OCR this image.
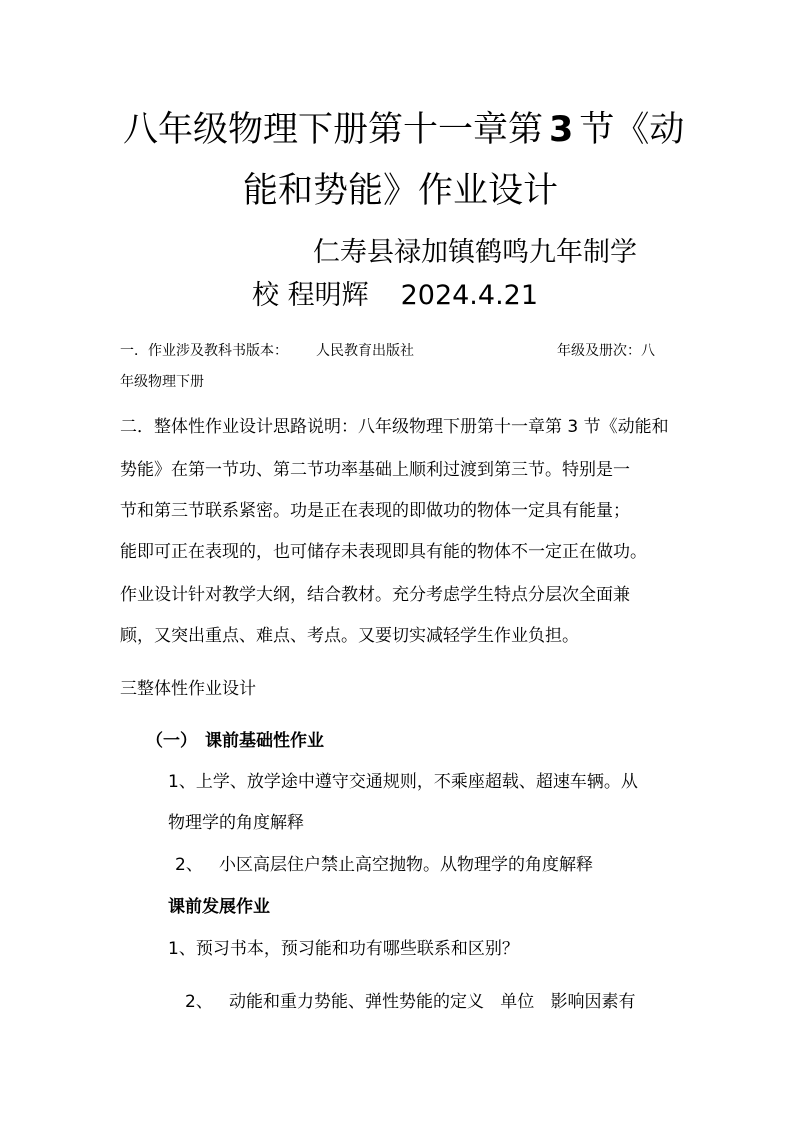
八年级物理下册第十一章第 3 节《动
能和势能》作业设计
仁寿县禄加镇鹤鸣九年制学
校 程明辉 2024.4.21
一．作业涉及教科书版本： 人民教育出版社	年级及册次：八
年级物理下册
二．整体性作业设计思路说明：八年级物理下册第十一章第 3 节《动能和
势能》在第一节功、第二节功率基础上顺利过渡到第三节。特别是一
节和第三节联系紧密。功是正在表现的即做功的物体一定具有能量；
能即可正在表现的，也可储存未表现即具有能的物体不一定正在做功。
作业设计针对教学大纲，结合教材。充分考虑学生特点分层次全面兼
顾，又突出重点、难点、考点。又要切实减轻学生作业负担。
三整体性作业设计
（一） 课前基础性作业
1、上学、放学途中遵守交通规则，不乘座超载、超速车辆。从
物理学的角度解释
2、   小区高层住户禁止高空抛物。从物理学的角度解释
课前发展作业
1、预习书本，预习能和功有哪些联系和区别？
2、   动能和重力势能、弹性势能的定义   单位   影响因素有
